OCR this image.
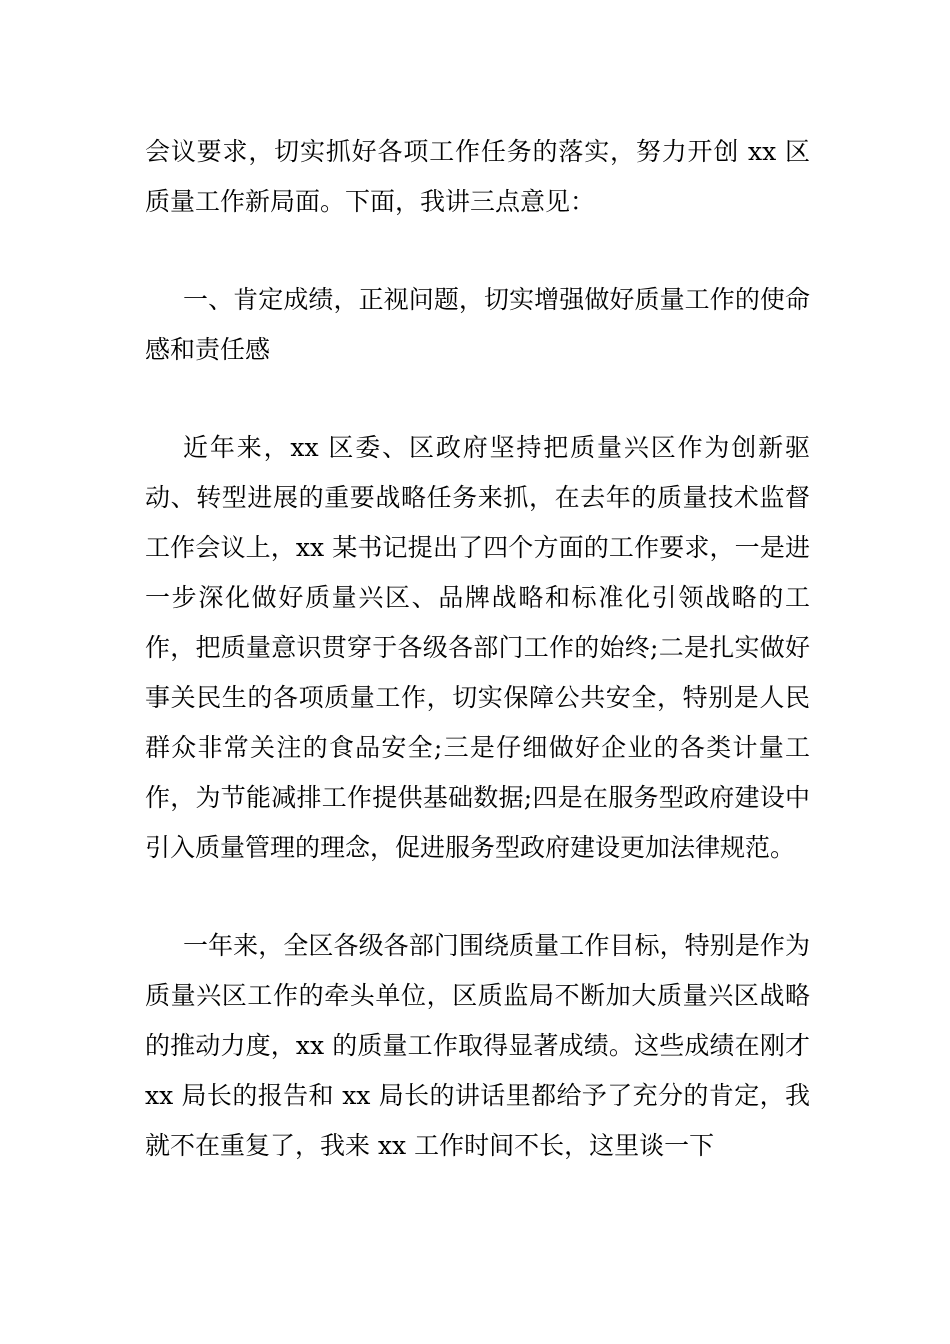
会议要求，切实抓好各项工作任务的落实，努力开创 xx 区质量工作新局面。下面，我讲三点意见：

一、肯定成绩，正视问题，切实增强做好质量工作的使命感和责任感

近年来，xx 区委、区政府坚持把质量兴区作为创新驱动、转型进展的重要战略任务来抓，在去年的质量技术监督工作会议上，xx 某书记提出了四个方面的工作要求，一是进一步深化做好质量兴区、品牌战略和标准化引领战略的工作，把质量意识贯穿于各级各部门工作的始终;二是扎实做好事关民生的各项质量工作，切实保障公共安全，特别是人民群众非常关注的食品安全;三是仔细做好企业的各类计量工作，为节能减排工作提供基础数据;四是在服务型政府建设中引入质量管理的理念，促进服务型政府建设更加法律规范。

一年来，全区各级各部门围绕质量工作目标，特别是作为质量兴区工作的牵头单位，区质监局不断加大质量兴区战略的推动力度，xx 的质量工作取得显著成绩。这些成绩在刚才 xx 局长的报告和 xx 局长的讲话里都给予了充分的肯定，我就不在重复了，我来 xx 工作时间不长，这里谈一下
